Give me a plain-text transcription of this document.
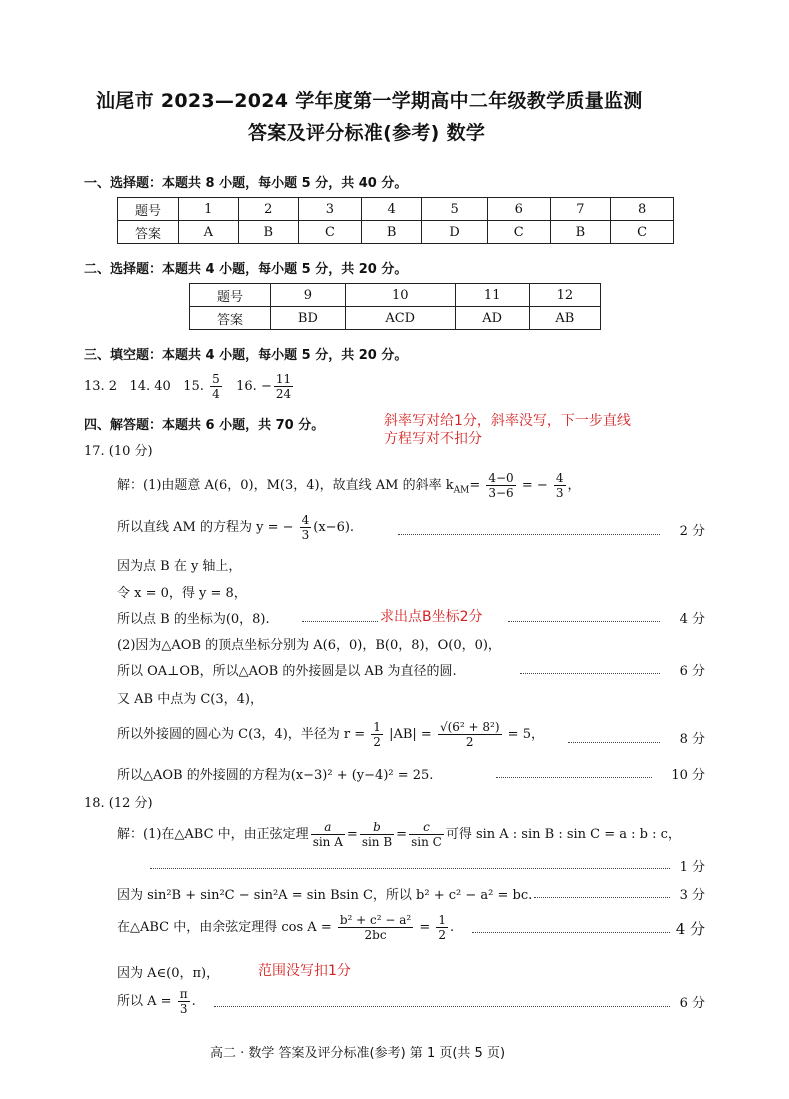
汕尾市 2023—2024 学年度第一学期高中二年级教学质量监测
答案及评分标准(参考) 数学
一、选择题：本题共 8 小题，每小题 5 分，共 40 分。
题号	1	2	3	4	5	6	7	8
答案	A	B	C	B	D	C	B	C
二、选择题：本题共 4 小题，每小题 5 分，共 20 分。
题号	9	10	11	12
答案	BD	ACD	AD	AB
三、填空题：本题共 4 小题，每小题 5 分，共 20 分。
13. 2 14. 40 15. $\frac{5}{4} 16$. − $\frac{11}{24}$
四、解答题：本题共 6 小题，共 70 分。	斜率写对给1分，斜率没写，下一步直线
方程写对不扣分
17. (10 分)
解：(1)由题意 A(6，0)，M(3，4)，故直线 AM 的斜率 $k_{AM}= \frac{4-0}{3-6}$ = − $\frac{4}{3}$ ，
所以直线 AM 的方程为 y = − $\frac{4}{3} (x-6)$.	2 分
因为点 B 在 y 轴上，
令 x = 0，得 y = 8，
所以点 B 的坐标为(0，8).	求出点B坐标2分	4 分
(2)因为△AOB 的顶点坐标分别为 A(6，0)，B(0，8)，O(0，0)，
所以 OA⊥OB，所以△AOB 的外接圆是以 AB 为直径的圆.	6 分
又 AB 中点为 C(3，4)，
所以外接圆的圆心为 C(3，4)，半径为 $r = \frac{1}{2} |AB| = \frac{\text{√(6² + 8²)}}{2} = 5$，	8 分
所以△AOB 的外接圆的方程为(x−3)² + (y−4)² = 25.	10 分
18. (12 分)
解：(1)在△ABC 中，由正弦定理 $\frac{a}{\text{sin A}} = \frac{b}{\text{sin B}} = \frac{c}{\text{sin C}}$ 可得 sin A : sin B : sin C = a : b : c，
1 分
因为 sin²B + sin²C − sin²A = sin Bsin C，所以 b² + c² − a² = bc.	3 分
在△ABC 中，由余弦定理得 $\cos A = \frac{\text{b² + c² − a²}}{2bc} = \frac{1}{2}$ .	4 分
因为 A∈(0，π)，	范围没写扣1分
所以 $A = \frac{\pi}{3}$ .	6 分
高二 · 数学 答案及评分标准(参考) 第 1 页(共 5 页)
